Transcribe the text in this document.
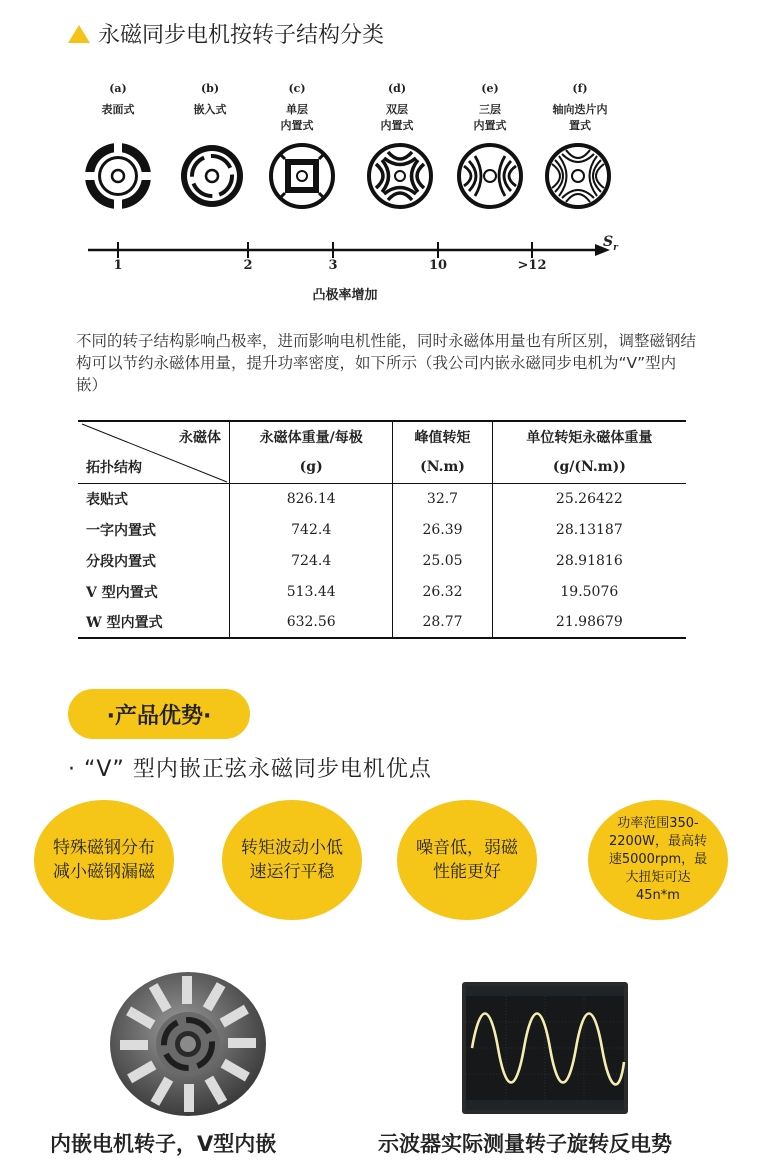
永磁同步电机按转子结构分类
(a)
表面式
(b)
嵌入式
(c)
单层
内置式
(d)
双层
内置式
(e)
三层
内置式
(f)
轴向迭片内
置式
1	2	3	10	>12
$S_r$
凸极率增加
不同的转子结构影响凸极率，进而影响电机性能，同时永磁体用量也有所区别，调整磁钢结构可以节约永磁体用量，提升功率密度，如下所示（我公司内嵌永磁同步电机为“V”型内嵌）
永磁体	永磁体重量/每极	峰值转矩	单位转矩永磁体重量
拓扑结构	(g)	(N.m)	(g/(N.m))
表贴式	826.14	32.7	25.26422
一字内置式	742.4	26.39	28.13187
分段内置式	724.4	25.05	28.91816
V 型内置式	513.44	26.32	19.5076
W 型内置式	632.56	28.77	21.98679
·产品优势·
· “V” 型内嵌正弦永磁同步电机优点
特殊磁钢分布减小磁钢漏磁
转矩波动小低速运行平稳
噪音低，弱磁性能更好
功率范围350-2200W，最高转速5000rpm，最大扭矩可达45n*m
内嵌电机转子，V型内嵌	示波器实际测量转子旋转反电势
